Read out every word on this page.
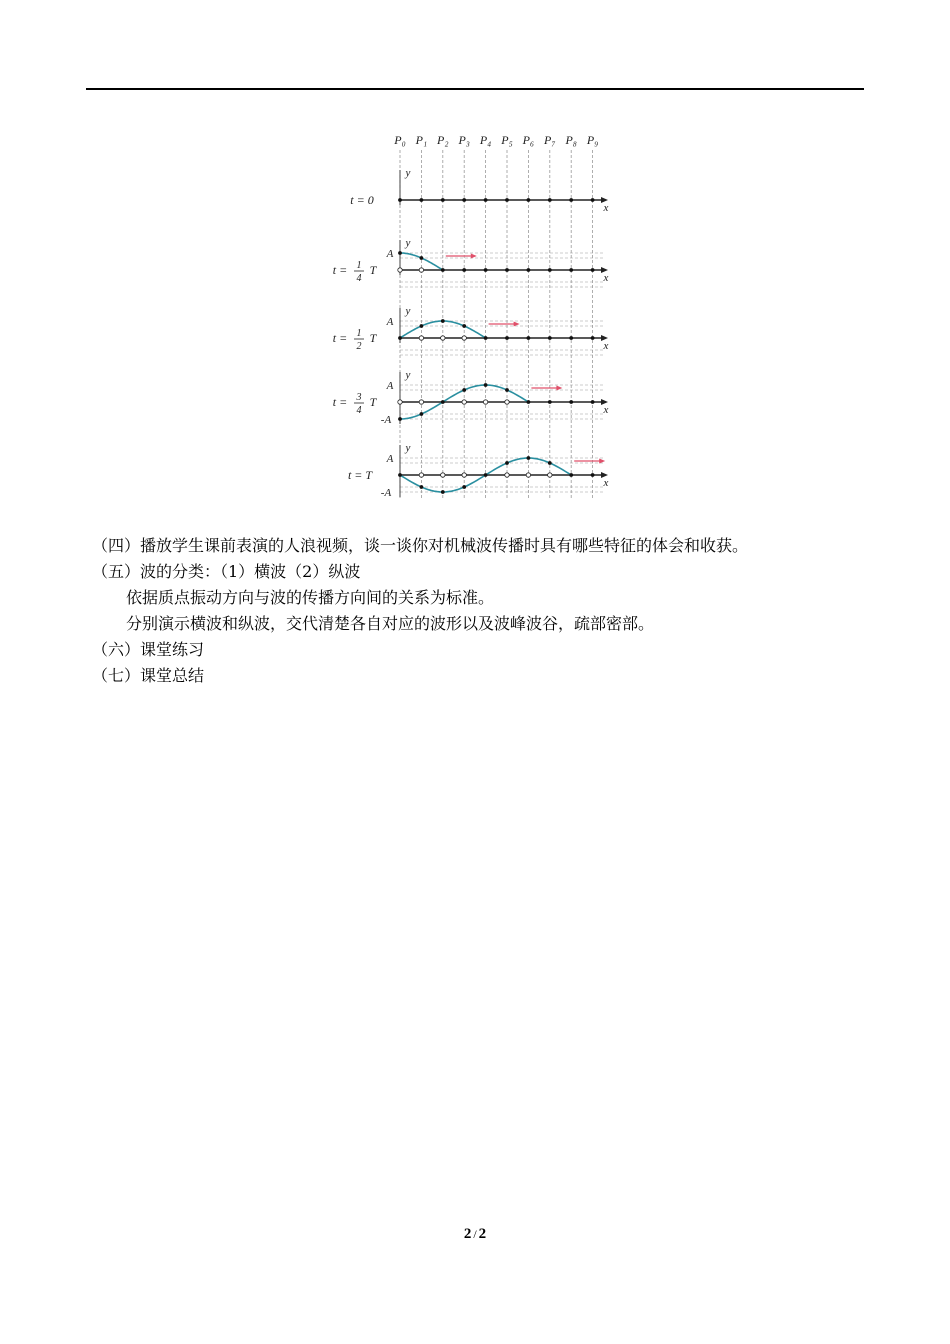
P₀ P₁ P₂ P₃ P₄ P₅ P₆ P₇ P₈ P₉
t = 0
y
x
t = 1
4
T
A
y
x
t = 1
2
T
A
y
x
t = 3
4
T
A
-A
y
x
t = T
A
-A
y
x
（四）播放学生课前表演的人浪视频，谈一谈你对机械波传播时具有哪些特征的体会和收获。
（五）波的分类：（1）横波（2）纵波
依据质点振动方向与波的传播方向间的关系为标准。
分别演示横波和纵波，交代清楚各自对应的波形以及波峰波谷，疏部密部。
（六）课堂练习
（七）课堂总结
2 / 2
